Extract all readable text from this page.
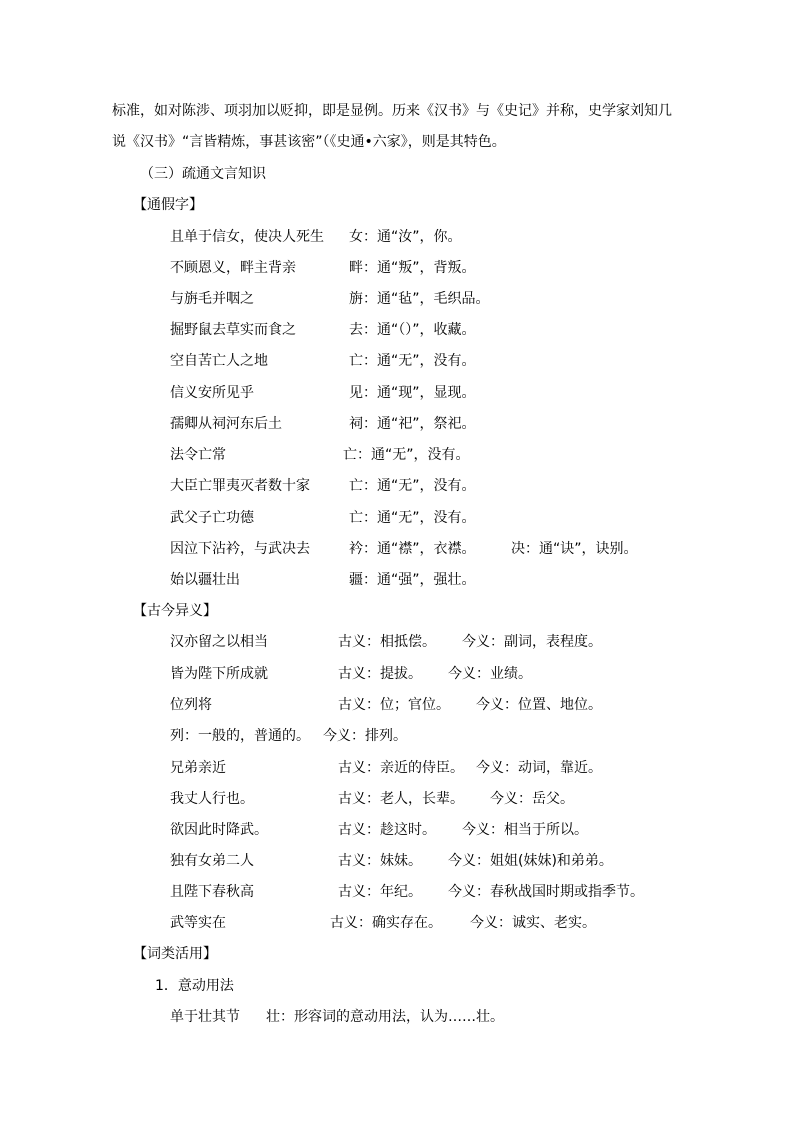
标准，如对陈涉、项羽加以贬抑，即是显例。历来《汉书》与《史记》并称，史学家刘知几
说《汉书》“言皆精炼，事甚该密”（《史通•六家》，则是其特色。
（三）疏通文言知识
【通假字】
且单于信女，使决人死生 女：通“汝”，你。
不顾恩义，畔主背亲	畔：通“叛”，背叛。
与旃毛并咽之	旃：通“毡”，毛织品。
掘野鼠去草实而食之	去：通“（）”，收藏。
空自苦亡人之地	亡：通“无”，没有。
信义安所见乎	见：通“现”，显现。
孺卿从祠河东后土	祠：通“祀”，祭祀。
法令亡常	亡：通“无”，没有。
大臣亡罪夷灭者数十家	亡：通“无”，没有。
武父子亡功德	亡：通“无”，没有。
因泣下沾衿，与武决去	衿：通“襟”，衣襟。	决：通“诀”，诀别。
始以疆壮出	疆：通“强”，强壮。
【古今异义】
汉亦留之以相当	古义：相抵偿。 今义：副词，表程度。
皆为陛下所成就	古义：提拔。 今义：业绩。
位列将	古义：位；官位。 今义：位置、地位。
列：一般的，普通的。 今义：排列。
兄弟亲近	古义：亲近的侍臣。 今义：动词，靠近。
我丈人行也。	古义：老人，长辈。 今义：岳父。
欲因此时降武。	古义：趁这时。 今义：相当于所以。
独有女弟二人	古义：妹妹。 今义：姐姐(妹妹)和弟弟。
且陛下春秋高	古义：年纪。 今义：春秋战国时期或指季节。
武等实在	古义：确实存在。 今义：诚实、老实。
【词类活用】
1．意动用法
单于壮其节 壮：形容词的意动用法，认为……壮。
